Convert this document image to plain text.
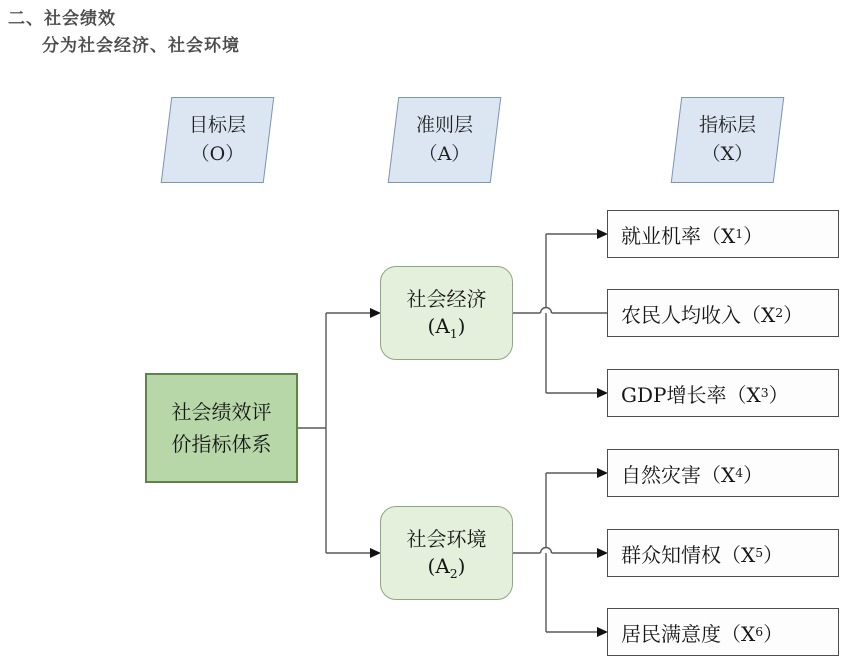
二、社会绩效
分为社会经济、社会环境
目标层
（O）
准则层
（A）
指标层
（X）
社会绩效评
价指标体系
社会经济
$(A_1)$
社会环境
$(A_2)$
就业机率 （X 1 ）
农民人均收入 （X 2 ）
GDP增长率 （X 3 ）
自然灾害 （X 4 ）
群众知情权 （X 5 ）
居民满意度 （X 6 ）
